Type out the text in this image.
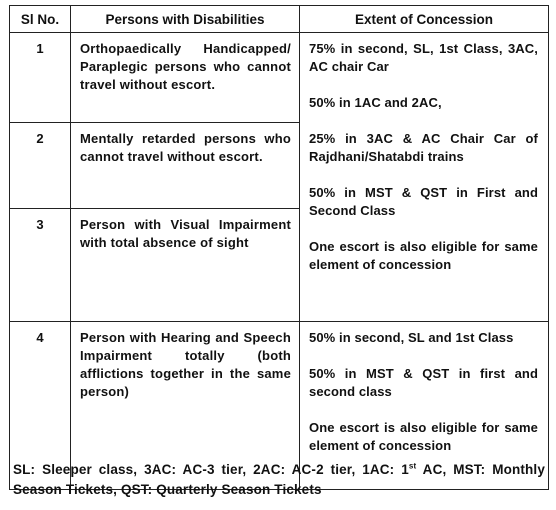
Sl No.	Persons with Disabilities	Extent of Concession
1	Orthopaedically Handicapped/ Paraplegic persons who cannot travel without escort.	75% in second, SL, 1st Class, 3AC, AC chair Car
50% in 1AC and 2AC,
25% in 3AC & AC Chair Car of Rajdhani/Shatabdi trains
50% in MST & QST in First and Second Class
One escort is also eligible for same element of concession

2	Mentally retarded persons who cannot travel without escort.	
3	Person with Visual Impairment with total absence of sight	
4	Person with Hearing and Speech Impairment totally (both afflictions together in the same person)	50% in second, SL and 1st Class
50% in MST & QST in first and second class
One escort is also eligible for same element of concession
SL: Sleeper class, 3AC: AC-3 tier, 2AC: AC-2 tier, 1AC: 1st AC, MST: Monthly Season Tickets, QST: Quarterly Season Tickets
